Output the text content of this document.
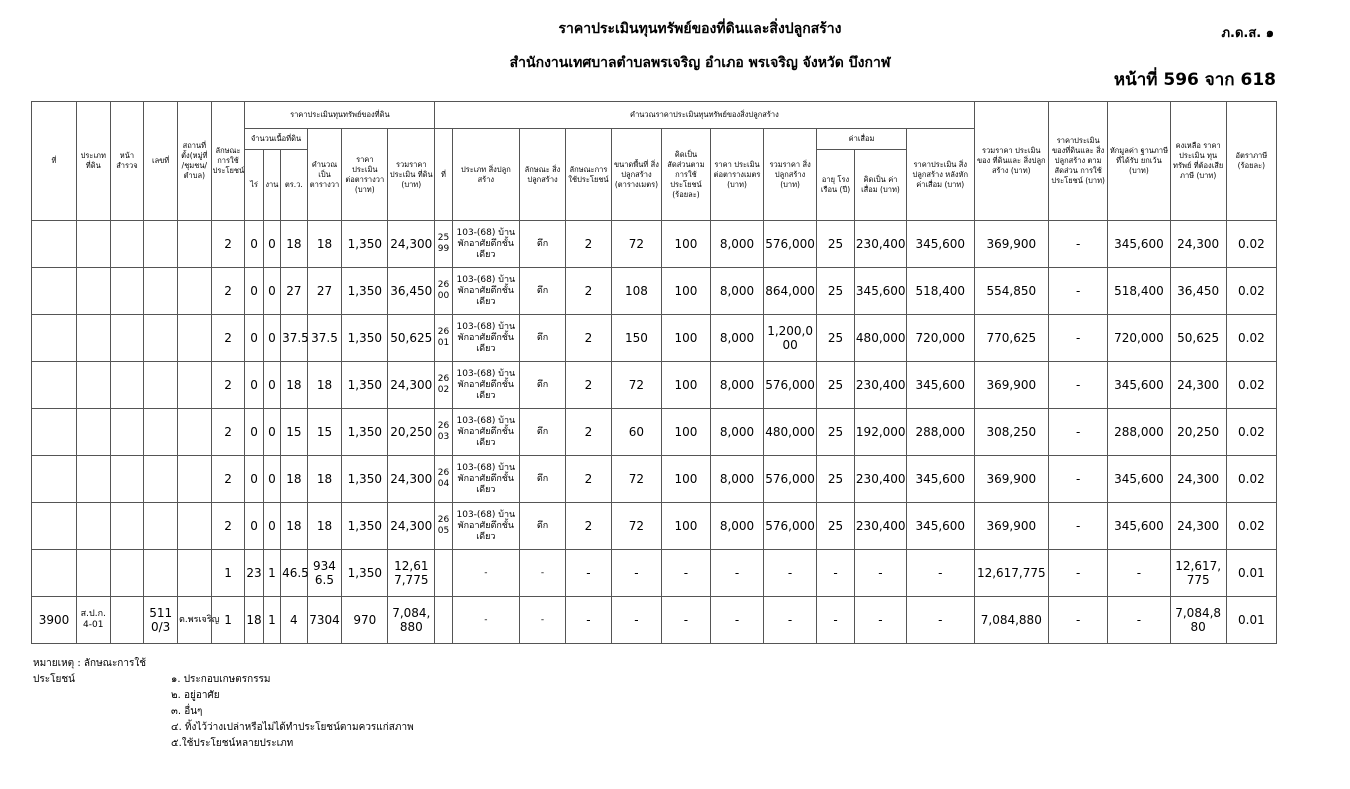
ราคาประเมินทุนทรัพย์ของที่ดินและสิ่งปลูกสร้าง
สำนักงานเทศบาลตำบลพรเจริญ อำเภอ พรเจริญ จังหวัด บึงกาฬ
ภ.ด.ส. ๑
หน้าที่ 596 จาก 618
ที่	ประเภท ที่ดิน	หน้า สำรวจ	เลขที่	สถานที่ตั้ง(หมู่ที่ /ชุมชน/ ตำบล)	ลักษณะ การใช้ ประโยชน์	ราคาประเมินทุนทรัพย์ของที่ดิน						คำนวณราคาประเมินทุนทรัพย์ของสิ่งปลูกสร้าง											รวมราคา ประเมินของ ที่ดินและ สิ่งปลูกสร้าง (บาท)	ราคาประเมิน ของที่ดินและ สิ่งปลูกสร้าง ตามสัดส่วน การใช้ประโยชน์ (บาท)	หักมูลค่า ฐานภาษี ที่ได้รับ ยกเว้น (บาท)	คงเหลือ ราคาประเมิน ทุนทรัพย์ ที่ต้องเสียภาษี (บาท)	อัตราภาษี (ร้อยละ)
						จำนวนเนื้อที่ดิน			คำนวณ เป็น ตารางวา	ราคา ประเมิน ต่อตารางวา (บาท)	รวมราคา ประเมิน ที่ดิน (บาท)	ที่	ประเภท สิ่งปลูกสร้าง	ลักษณะ สิ่งปลูกสร้าง	ลักษณะการ ใช้ประโยชน์	ขนาดพื้นที่ สิ่งปลูกสร้าง (ตารางเมตร)	คิดเป็น สัดส่วนตาม การใช้ ประโยชน์ (ร้อยละ)	ราคา ประเมิน ต่อตารางเมตร (บาท)	รวมราคา สิ่งปลูกสร้าง (บาท)	ค่าเสื่อม		ราคาประเมิน สิ่งปลูกสร้าง หลังหัก ค่าเสื่อม (บาท)					
						ไร่	งาน	ตร.ว.												อายุ โรงเรือน (ปี)	คิดเป็น ค่าเสื่อม (บาท)						
					2	0	0	18	18	1,350	24,300	2599	103-(68) บ้านพักอาศัยตึกชั้นเดียว	ตึก	2	72	100	8,000	576,000	25	230,400	345,600	369,900	-	345,600	24,300	0.02
					2	0	0	27	27	1,350	36,450	2600	103-(68) บ้านพักอาศัยตึกชั้นเดียว	ตึก	2	108	100	8,000	864,000	25	345,600	518,400	554,850	-	518,400	36,450	0.02
					2	0	0	37.5	37.5	1,350	50,625	2601	103-(68) บ้านพักอาศัยตึกชั้นเดียว	ตึก	2	150	100	8,000	1,200,000	25	480,000	720,000	770,625	-	720,000	50,625	0.02
					2	0	0	18	18	1,350	24,300	2602	103-(68) บ้านพักอาศัยตึกชั้นเดียว	ตึก	2	72	100	8,000	576,000	25	230,400	345,600	369,900	-	345,600	24,300	0.02
					2	0	0	15	15	1,350	20,250	2603	103-(68) บ้านพักอาศัยตึกชั้นเดียว	ตึก	2	60	100	8,000	480,000	25	192,000	288,000	308,250	-	288,000	20,250	0.02
					2	0	0	18	18	1,350	24,300	2604	103-(68) บ้านพักอาศัยตึกชั้นเดียว	ตึก	2	72	100	8,000	576,000	25	230,400	345,600	369,900	-	345,600	24,300	0.02
					2	0	0	18	18	1,350	24,300	2605	103-(68) บ้านพักอาศัยตึกชั้นเดียว	ตึก	2	72	100	8,000	576,000	25	230,400	345,600	369,900	-	345,600	24,300	0.02
					1	23	1	46.5	9346.5	1,350	12,617,775		-	-	-	-	-	-	-	-	-	-	12,617,775	-	-	12,617,775	0.01
3900	ส.ป.ก. 4-01		5110/3	ต.พรเจริญ	1	18	1	4	7304	970	7,084,880		-	-	-	-	-	-	-	-	-	-	7,084,880	-	-	7,084,880	0.01
หมายเหตุ : ลักษณะการใช้ประโยชน์	๑. ประกอบเกษตรกรรม
๒. อยู่อาศัย
๓. อื่นๆ
๔. ทิ้งไว้ว่างเปล่าหรือไม่ได้ทำประโยชน์ตามควรแก่สภาพ
๕.ใช้ประโยชน์หลายประเภท
